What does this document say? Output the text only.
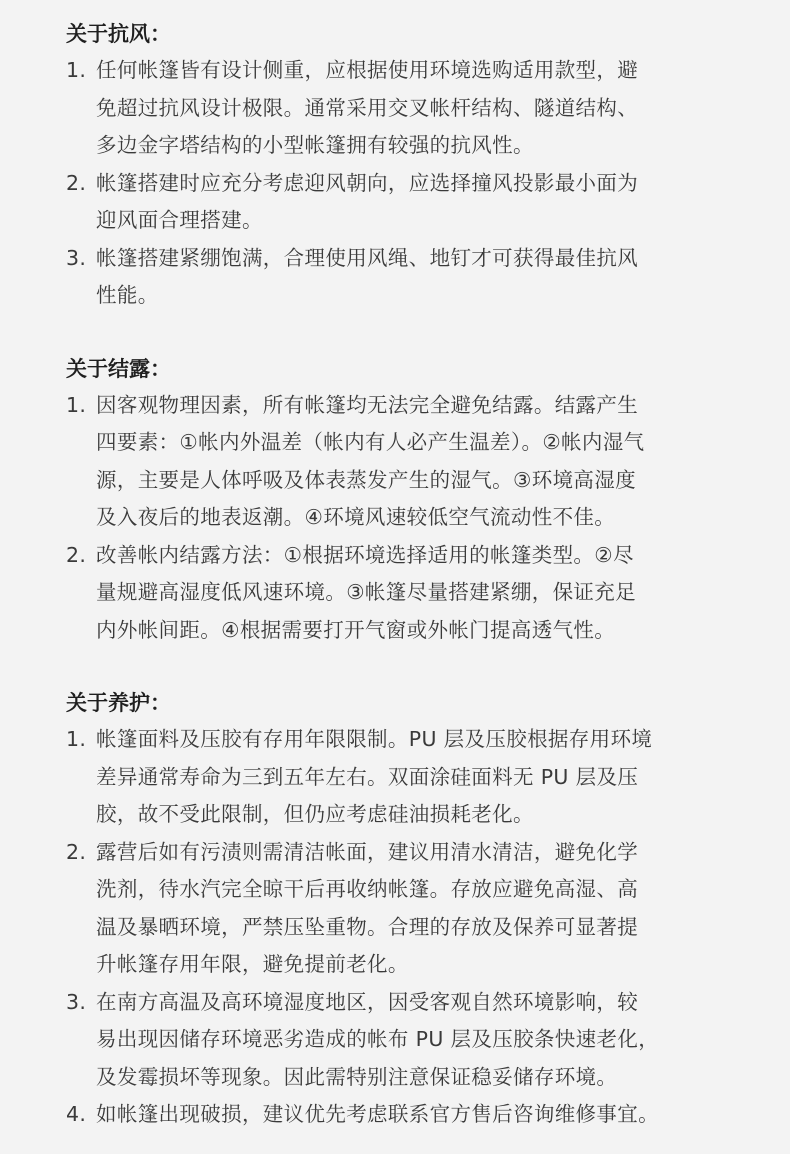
关于抗风：
1. 任何帐篷皆有设计侧重，应根据使用环境选购适用款型，避
免超过抗风设计极限。通常采用交叉帐杆结构、隧道结构、
多边金字塔结构的小型帐篷拥有较强的抗风性。
2. 帐篷搭建时应充分考虑迎风朝向，应选择撞风投影最小面为
迎风面合理搭建。
3. 帐篷搭建紧绷饱满，合理使用风绳、地钉才可获得最佳抗风
性能。
关于结露：
1. 因客观物理因素，所有帐篷均无法完全避免结露。结露产生
四要素：①帐内外温差（帐内有人必产生温差）。②帐内湿气
源，主要是人体呼吸及体表蒸发产生的湿气。③环境高湿度
及入夜后的地表返潮。④环境风速较低空气流动性不佳。
2. 改善帐内结露方法：①根据环境选择适用的帐篷类型。②尽
量规避高湿度低风速环境。③帐篷尽量搭建紧绷，保证充足
内外帐间距。④根据需要打开气窗或外帐门提高透气性。
关于养护：
1. 帐篷面料及压胶有存用年限限制。PU 层及压胶根据存用环境
差异通常寿命为三到五年左右。双面涂硅面料无 PU 层及压
胶，故不受此限制，但仍应考虑硅油损耗老化。
2. 露营后如有污渍则需清洁帐面，建议用清水清洁，避免化学
洗剂，待水汽完全晾干后再收纳帐篷。存放应避免高湿、高
温及暴晒环境，严禁压坠重物。合理的存放及保养可显著提
升帐篷存用年限，避免提前老化。
3. 在南方高温及高环境湿度地区，因受客观自然环境影响，较
易出现因储存环境恶劣造成的帐布 PU 层及压胶条快速老化，
及发霉损坏等现象。因此需特别注意保证稳妥储存环境。
4. 如帐篷出现破损，建议优先考虑联系官方售后咨询维修事宜。
